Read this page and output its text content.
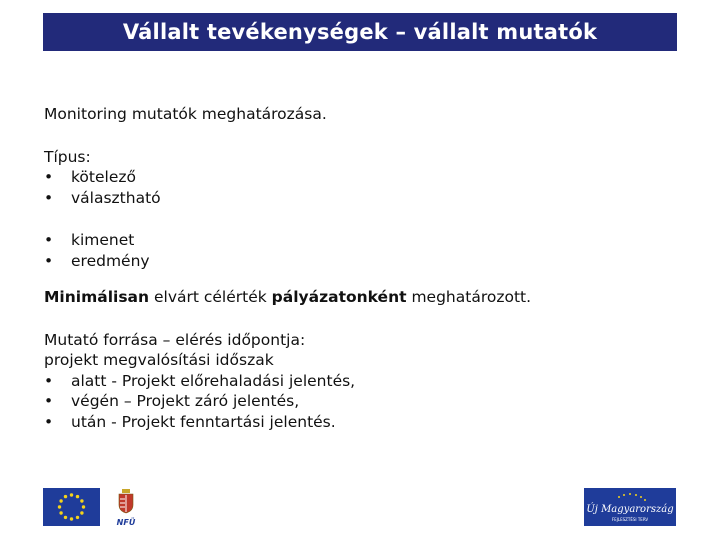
Vállalt tevékenységek – vállalt mutatók

Monitoring mutatók meghatározása.

Típus:

• kötelező
• választható
• kimenet
• eredmény

Minimálisan elvárt célérték pályázatonként meghatározott.

Mutató forrása – elérés időpontja:

projekt megvalósítási időszak

• alatt - Projekt előrehaladási jelentés,
• végén – Projekt záró jelentés,
• után - Projekt fenntartási jelentés.
NFÜ
Új Magyarország
FEJLESZTÉSI TERV
